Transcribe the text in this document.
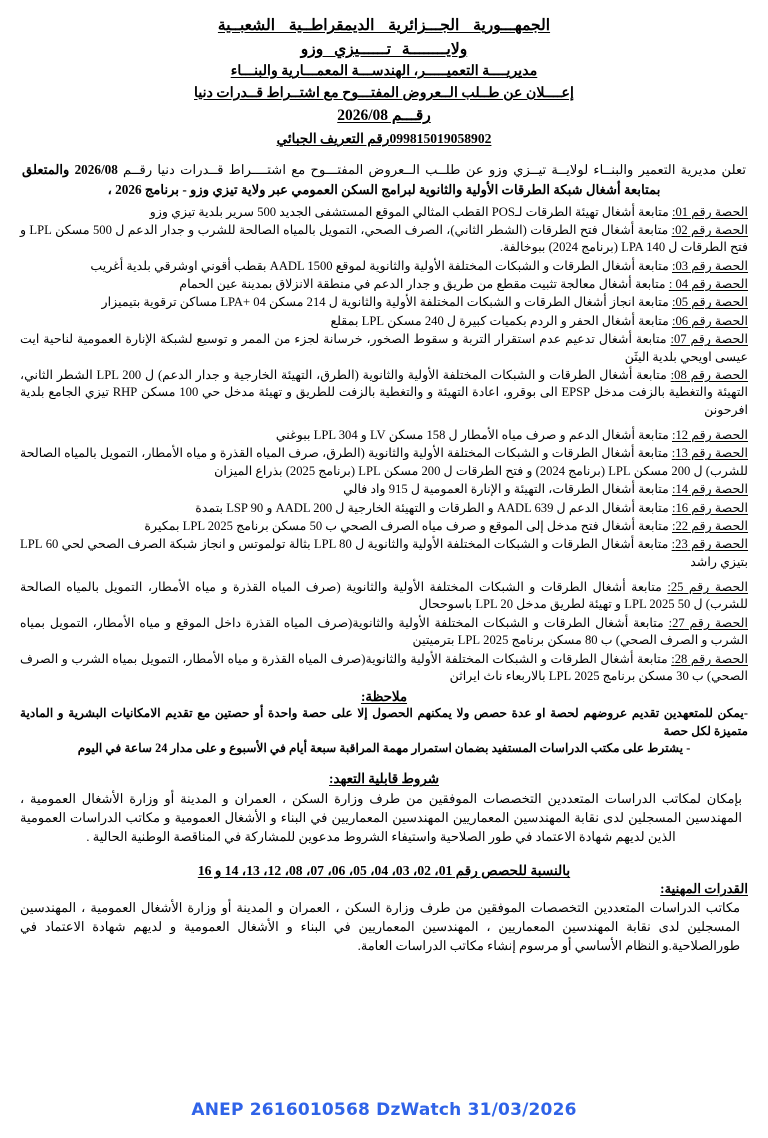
الجمهـــورية الجـــزائرية الديمقراطــية الشعبــية
ولايــــــــة تــــــيزي وزو
مديريــــة التعميـــــر، الهندســـة المعمـــارية والبنـــاء
إعــــلان عن طــلب الــعروض المفتـــوح مع اشتــراط قــدرات دنيا
رقـــم 2026/08
099815019058902رقم التعريف الجبائي
تعلن مديرية التعمير والبنــاء لولايــة تيــزي وزو عن طلــب الــعروض المفتـــوح مع اشتــــراط قــدرات دنيا رقــم 2026/08 والمتعلق بمتابعة أشغال شبكة الطرقات الأولية والثانوية لبرامج السكن العمومي عبر ولاية تيزي وزو - برنامج 2026 ،
الحصة رقم 01: متابعة أشغال تهيئة الطرقات لـPOS القطب المثالي الموقع المستشفى الجديد 500 سرير بلدية تيزي وزو
الحصة رقم 02: متابعة أشغال فتح الطرقات (الشطر الثاني)، الصرف الصحي، التمويل بالمياه الصالحة للشرب و جدار الدعم ل 500 مسكن LPL و فتح الطرقات ل LPA 140 (برنامج 2024) ببوخالفة.
الحصة رقم 03: متابعة أشغال الطرقات و الشبكات المختلفة الأولية والثانوية لموقع AADL 1500 بقطب أقوني اوشرقي بلدية أغريب
الحصة رقم 04 : متابعة أشغال معالجة تثبيت مقطع من طريق و جدار الدعم في منطقة الانزلاق بمدينة عين الحمام
الحصة رقم 05: متابعة انجاز أشغال الطرقات و الشبكات المختلفة الأولية والثانوية ل 214 مسكن LPA+ 04 مساكن ترقوية بتيميزار
الحصة رقم 06: متابعة أشغال الحفر و الردم بكميات كبيرة ل 240 مسكن LPL بمقلع
الحصة رقم 07: متابعة أشغال تدعيم عدم استقرار التربة و سقوط الصخور، خرسانة لجزء من الممر و توسيع لشبكة الإنارة العمومية لناحية ايت عيسى اويحي بلدية اليثَن
الحصة رقم 08: متابعة أشغال الطرقات و الشبكات المختلفة الأولية والثانوية (الطرق، التهيئة الخارجية و جدار الدعم) ل LPL 200 الشطر الثاني، التهيئة والتغطية بالزفت مدخل EPSP الى بوقرو، اعادة التهيئة و والتغطية بالزفت للطريق و تهيئة مدخل حي 100 مسكن RHP تيزي الجامع بلدية افرحونن
الحصة رقم 12: متابعة أشغال الدعم و صرف مياه الأمطار ل 158 مسكن LV و LPL 304 ببوغني
الحصة رقم 13: متابعة أشغال الطرقات و الشبكات المختلفة الأولية والثانوية (الطرق، صرف المياه القذرة و مياه الأمطار، التمويل بالمياه الصالحة للشرب) ل 200 مسكن LPL (برنامج 2024) و فتح الطرقات ل 200 مسكن LPL (برنامج 2025) بذراع الميزان
الحصة رقم 14: متابعة أشغال الطرقات، التهيئة و الإنارة العمومية ل 915 واد فالي
الحصة رقم 16: متابعة أشغال الدعم ل AADL 639 و الطرقات و التهيئة الخارجية ل AADL 200 و LSP 90 بتمدة
الحصة رقم 22: متابعة أشغال فتح مدخل إلى الموقع و صرف مياه الصرف الصحي ب 50 مسكن برنامج LPL 2025 بمكيرة
الحصة رقم 23: متابعة أشغال الطرقات و الشبكات المختلفة الأولية والثانوية ل LPL 80 بثالة تولموتس و انجاز شبكة الصرف الصحي لحي 60 LPL بتيزي راشد
الحصة رقم 25: متابعة أشغال الطرقات و الشبكات المختلفة الأولية والثانوية (صرف المياه القذرة و مياه الأمطار، التمويل بالمياه الصالحة للشرب) ل 50 LPL 2025 و تهيئة لطريق مدخل LPL 20 باسوححال
الحصة رقم 27: متابعة أشغال الطرقات و الشبكات المختلفة الأولية والثانوية(صرف المياه القذرة داخل الموقع و مياه الأمطار، التمويل بمياه الشرب و الصرف الصحي) ب 80 مسكن برنامج 2025 LPL بترميتين
الحصة رقم 28: متابعة أشغال الطرقات و الشبكات المختلفة الأولية والثانوية(صرف المياه القذرة و مياه الأمطار، التمويل بمياه الشرب و الصرف الصحي) ب 30 مسكن برنامج 2025 LPL بالاربعاء ناث ايراثن
ملاحظة:
-يمكن للمتعهدين تقديم عروضهم لحصة او عدة حصص ولا يمكنهم الحصول إلا على حصة واحدة أو حصتين مع تقديم الامكانيات البشرية و المادية متميزة لكل حصة
- يشترط على مكتب الدراسات المستفيد بضمان استمرار مهمة المراقبة سبعة أيام في الأسبوع و على مدار 24 ساعة في اليوم
شروط قابلية التعهد:
بإمكان لمكاتب الدراسات المتعددين التخصصات الموفقين من طرف وزارة السكن ، العمران و المدينة أو وزارة الأشغال العمومية ، المهندسين المسجلين لدى نقابة المهندسين المعماريين المهندسين المعماريين في البناء و الأشغال العمومية و مكاتب الدراسات العمومية الذين لديهم شهادة الاعتماد في طور الصلاحية واستيفاء الشروط مدعوين للمشاركة في المناقصة الوطنية الحالية .
بالنسبة للحصص رقم 01، 02، 03، 04، 05، 06، 07، 08، 12، 13، 14 و 16
القدرات المهنية:
مكاتب الدراسات المتعددين التخصصات الموفقين من طرف وزارة السكن ، العمران و المدينة أو وزارة الأشغال العمومية ، المهندسين المسجلين لدى نقابة المهندسين المعماريين ، المهندسين المعماريين في البناء و الأشغال العمومية و لديهم شهادة الاعتماد في طورالصلاحية.و النظام الأساسي أو مرسوم إنشاء مكاتب الدراسات العامة.
ANEP 2616010568 DzWatch 31/03/2026
